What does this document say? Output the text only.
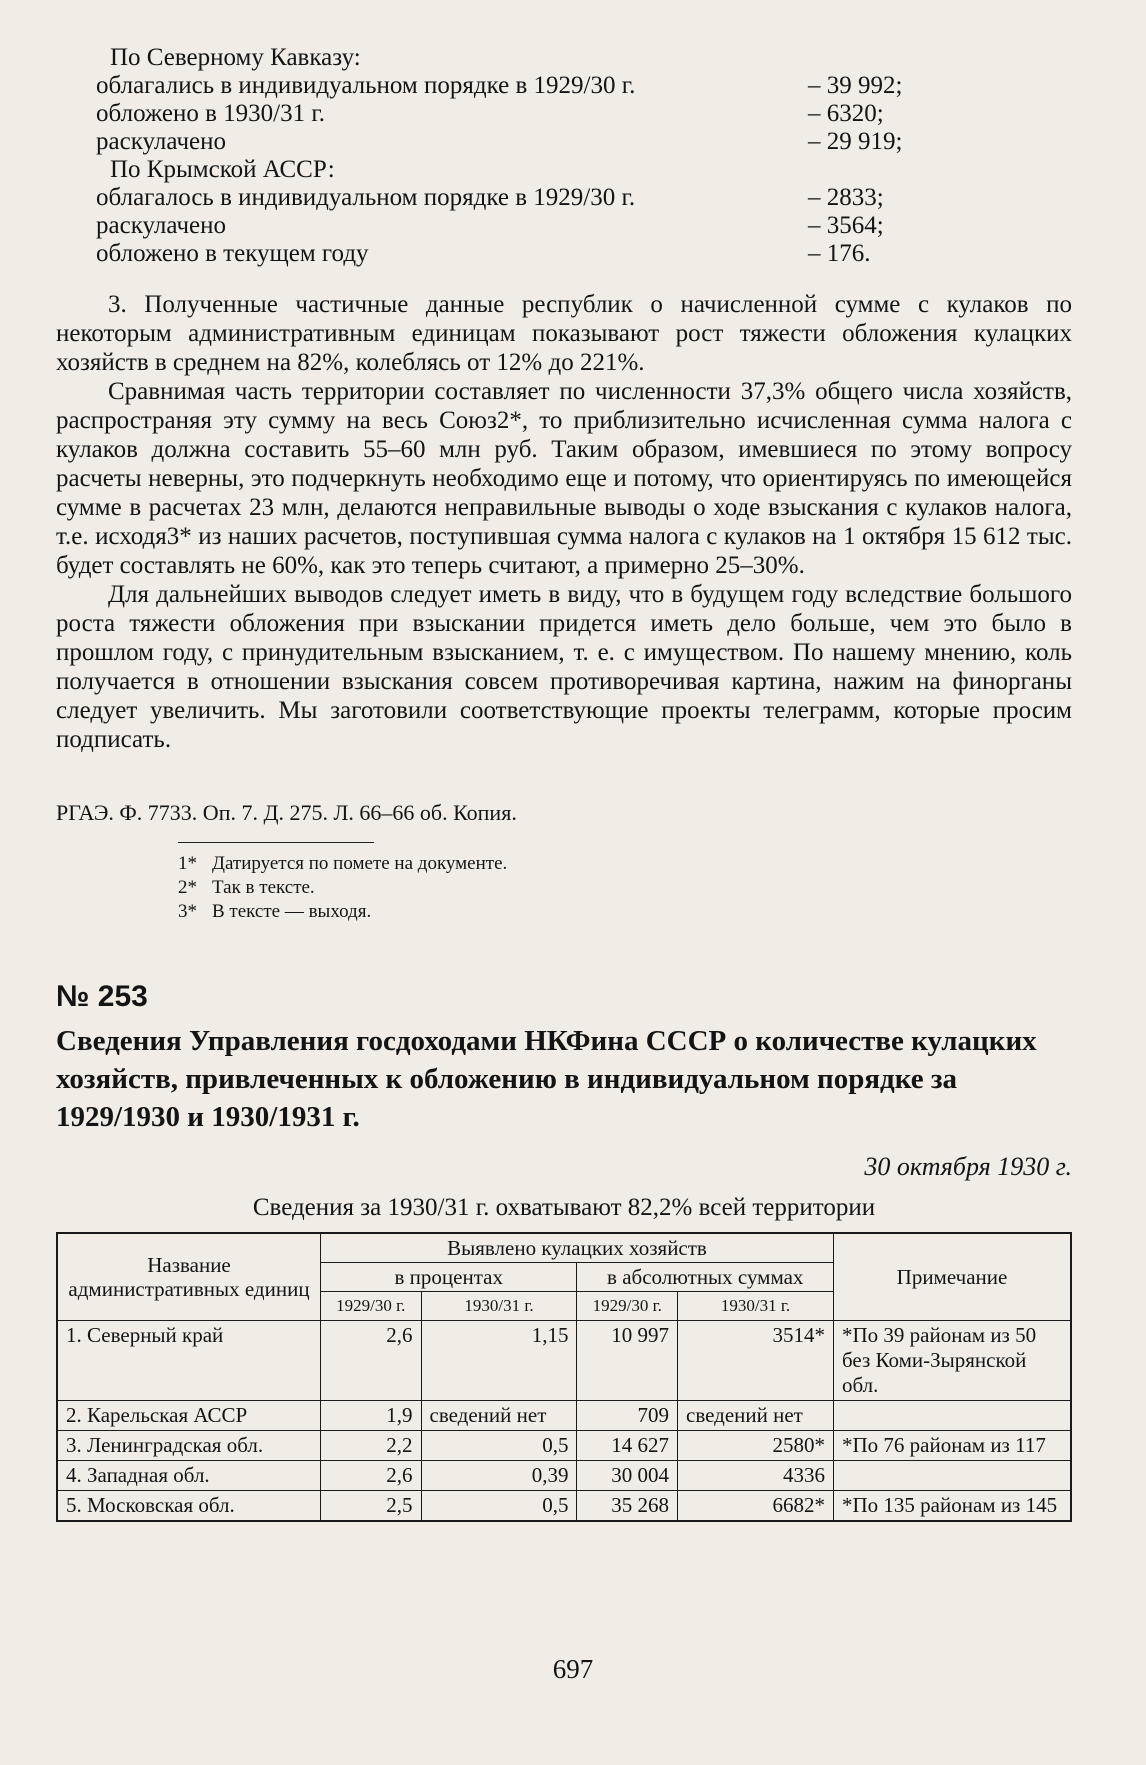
По Северному Кавказу:
облагались в индивидуальном порядке в 1929/30 г.	– 39 992;
обложено в 1930/31 г.	– 6320;
раскулачено	– 29 919;
По Крымской АССР:
облагалось в индивидуальном порядке в 1929/30 г.	– 2833;
раскулачено	– 3564;
обложено в текущем году	– 176.

3. Полученные частичные данные республик о начисленной сумме с кулаков по некоторым административным единицам показывают рост тяжести обложения кулацких хозяйств в среднем на 82%, колеблясь от 12% до 221%.

Сравнимая часть территории составляет по численности 37,3% общего числа хозяйств, распространяя эту сумму на весь Союз2*, то приблизительно исчисленная сумма налога с кулаков должна составить 55–60 млн руб. Таким образом, имевшиеся по этому вопросу расчеты неверны, это подчеркнуть необходимо еще и потому, что ориентируясь по имеющейся сумме в расчетах 23 млн, делаются неправильные выводы о ходе взыскания с кулаков налога, т.е. исходя3* из наших расчетов, поступившая сумма налога с кулаков на 1 октября 15 612 тыс. будет составлять не 60%, как это теперь считают, а примерно 25–30%.

Для дальнейших выводов следует иметь в виду, что в будущем году вследствие большого роста тяжести обложения при взыскании придется иметь дело больше, чем это было в прошлом году, с принудительным взысканием, т. е. с имуществом. По нашему мнению, коль получается в отношении взыскания совсем противоречивая картина, нажим на финорганы следует увеличить. Мы заготовили соответствующие проекты телеграмм, которые просим подписать.

РГАЭ. Ф. 7733. Оп. 7. Д. 275. Л. 66–66 об. Копия.
1* Датируется по помете на документе.
2* Так в тексте.
3* В тексте — выходя.
№ 253
Сведения Управления госдоходами НКФина СССР о количестве кулацких хозяйств, привлеченных к обложению в индивидуальном порядке за 1929/1930 и 1930/1931 г.
30 октября 1930 г.
Сведения за 1930/31 г. охватывают 82,2% всей территории
Название административных единиц	Выявлено кулацких хозяйств				Примечание
	в процентах		в абсолютных суммах		
	1929/30 г.	1930/31 г.	1929/30 г.	1930/31 г.	
1. Северный край	2,6	1,15	10 997	3514*	*По 39 районам из 50 без Коми-Зырянской обл.
2. Карельская АССР	1,9	сведений нет	709	сведений нет	
3. Ленинградская обл.	2,2	0,5	14 627	2580*	*По 76 районам из 117
4. Западная обл.	2,6	0,39	30 004	4336	
5. Московская обл.	2,5	0,5	35 268	6682*	*По 135 районам из 145
697
